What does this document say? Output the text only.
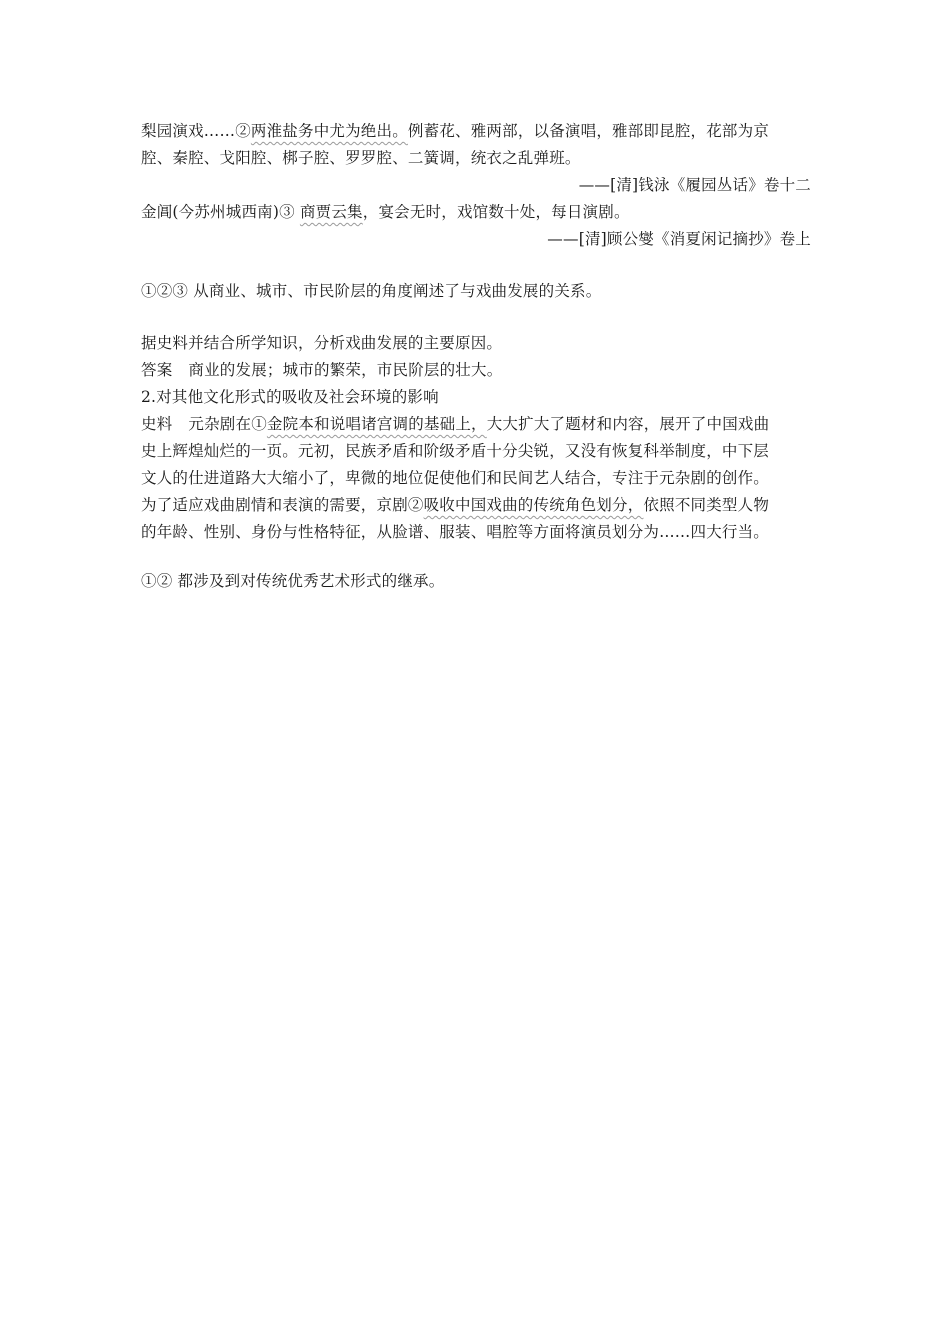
梨园演戏……②两淮盐务中尤为绝出。例蓄花、雅两部，以备演唱，雅部即昆腔，花部为京
腔、秦腔、戈阳腔、梆子腔、罗罗腔、二簧调，统衣之乱弹班。
——[清]钱泳《履园丛话》卷十二
金阊(今苏州城西南)③ 商贾云集，宴会无时，戏馆数十处，每日演剧。
——[清]顾公燮《消夏闲记摘抄》卷上
①②③ 从商业、城市、市民阶层的角度阐述了与戏曲发展的关系。
据史料并结合所学知识，分析戏曲发展的主要原因。
答案 商业的发展；城市的繁荣，市民阶层的壮大。
2.对其他文化形式的吸收及社会环境的影响
史料 元杂剧在①金院本和说唱诸宫调的基础上，大大扩大了题材和内容，展开了中国戏曲
史上辉煌灿烂的一页。元初，民族矛盾和阶级矛盾十分尖锐，又没有恢复科举制度，中下层
文人的仕进道路大大缩小了，卑微的地位促使他们和民间艺人结合，专注于元杂剧的创作。
为了适应戏曲剧情和表演的需要，京剧②吸收中国戏曲的传统角色划分，依照不同类型人物
的年龄、性别、身份与性格特征，从脸谱、服装、唱腔等方面将演员划分为……四大行当。
①② 都涉及到对传统优秀艺术形式的继承。
